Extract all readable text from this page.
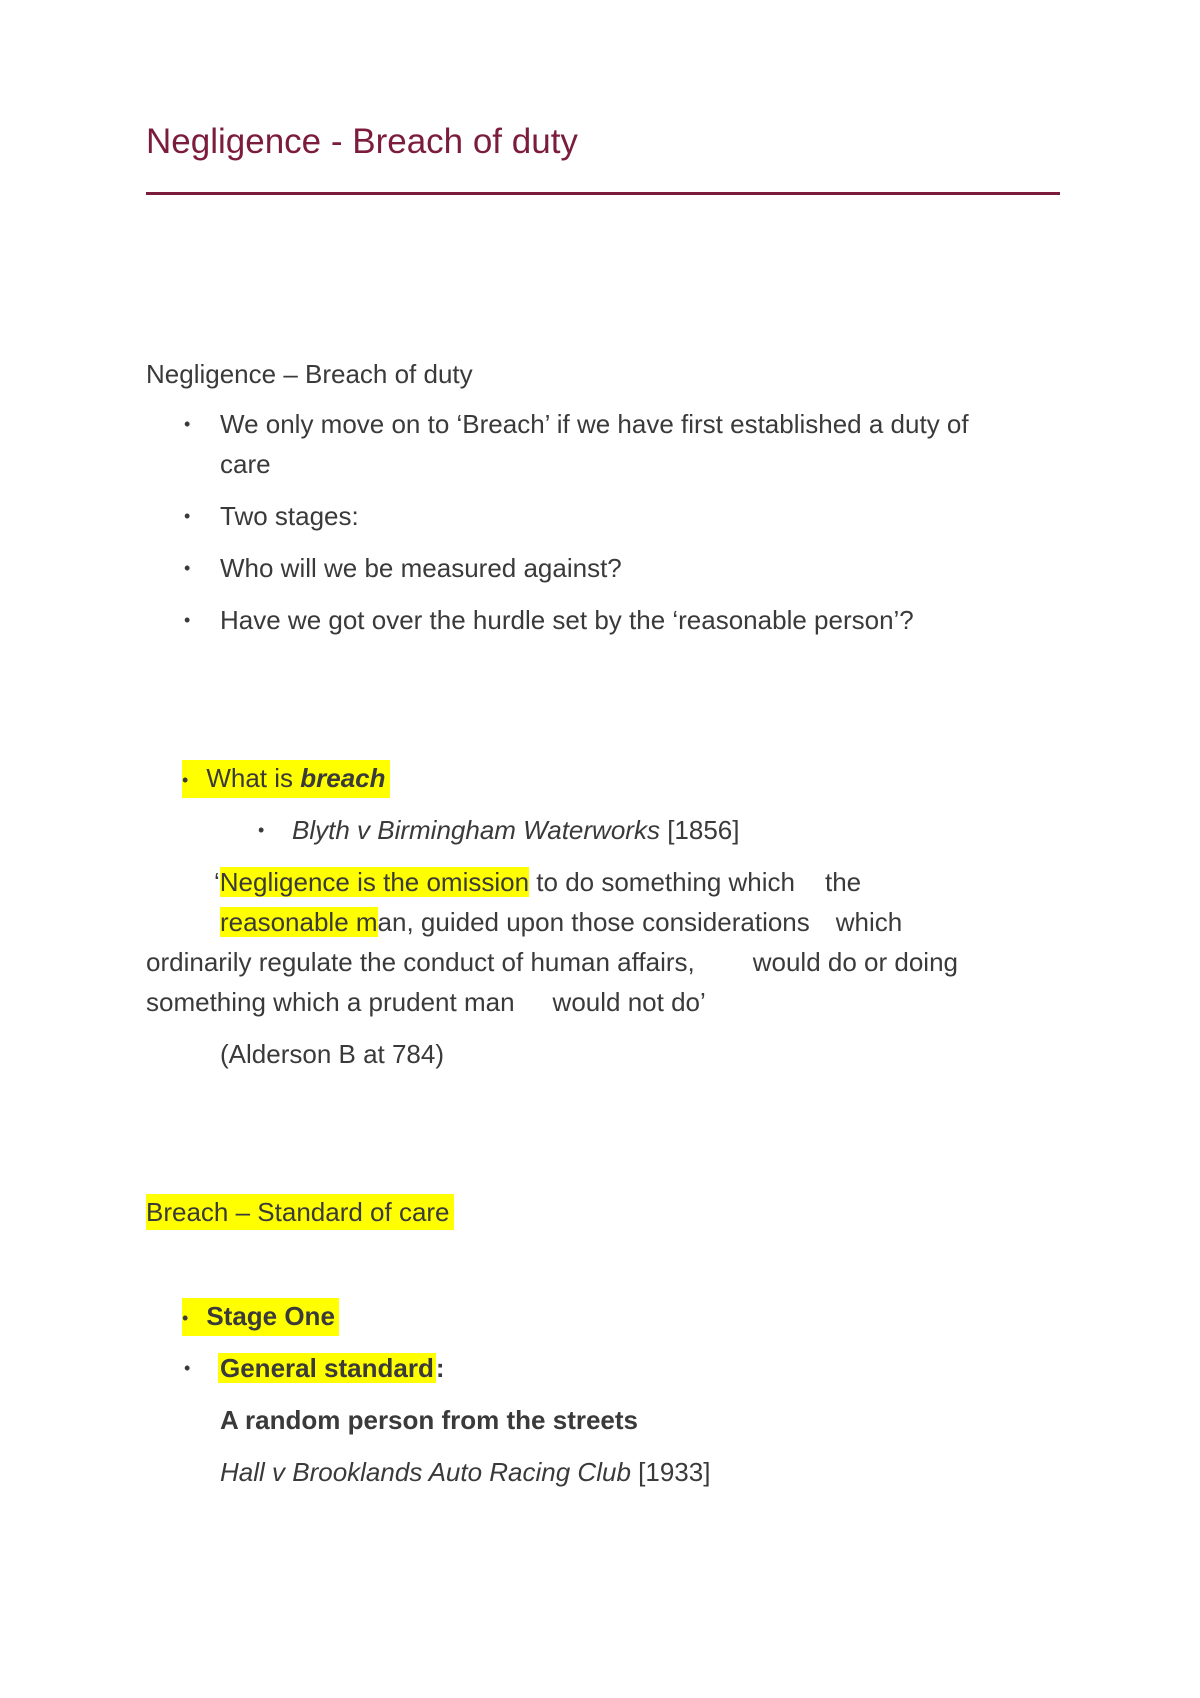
Negligence - Breach of duty
Negligence – Breach of duty
• We only move on to ‘Breach’ if we have first established a duty of
care
• Two stages:
• Who will we be measured against?
• Have we got over the hurdle set by the ‘reasonable person’?
• What is breach
• Blyth v Birmingham Waterworks [1856]
‘Negligence is the omission to do something which the
reasonable man, guided upon those considerations which
ordinarily regulate the conduct of human affairs, would do or doing
something which a prudent man would not do’
(Alderson B at 784)
Breach – Standard of care
• Stage One
• General standard:
A random person from the streets
Hall v Brooklands Auto Racing Club [1933]
